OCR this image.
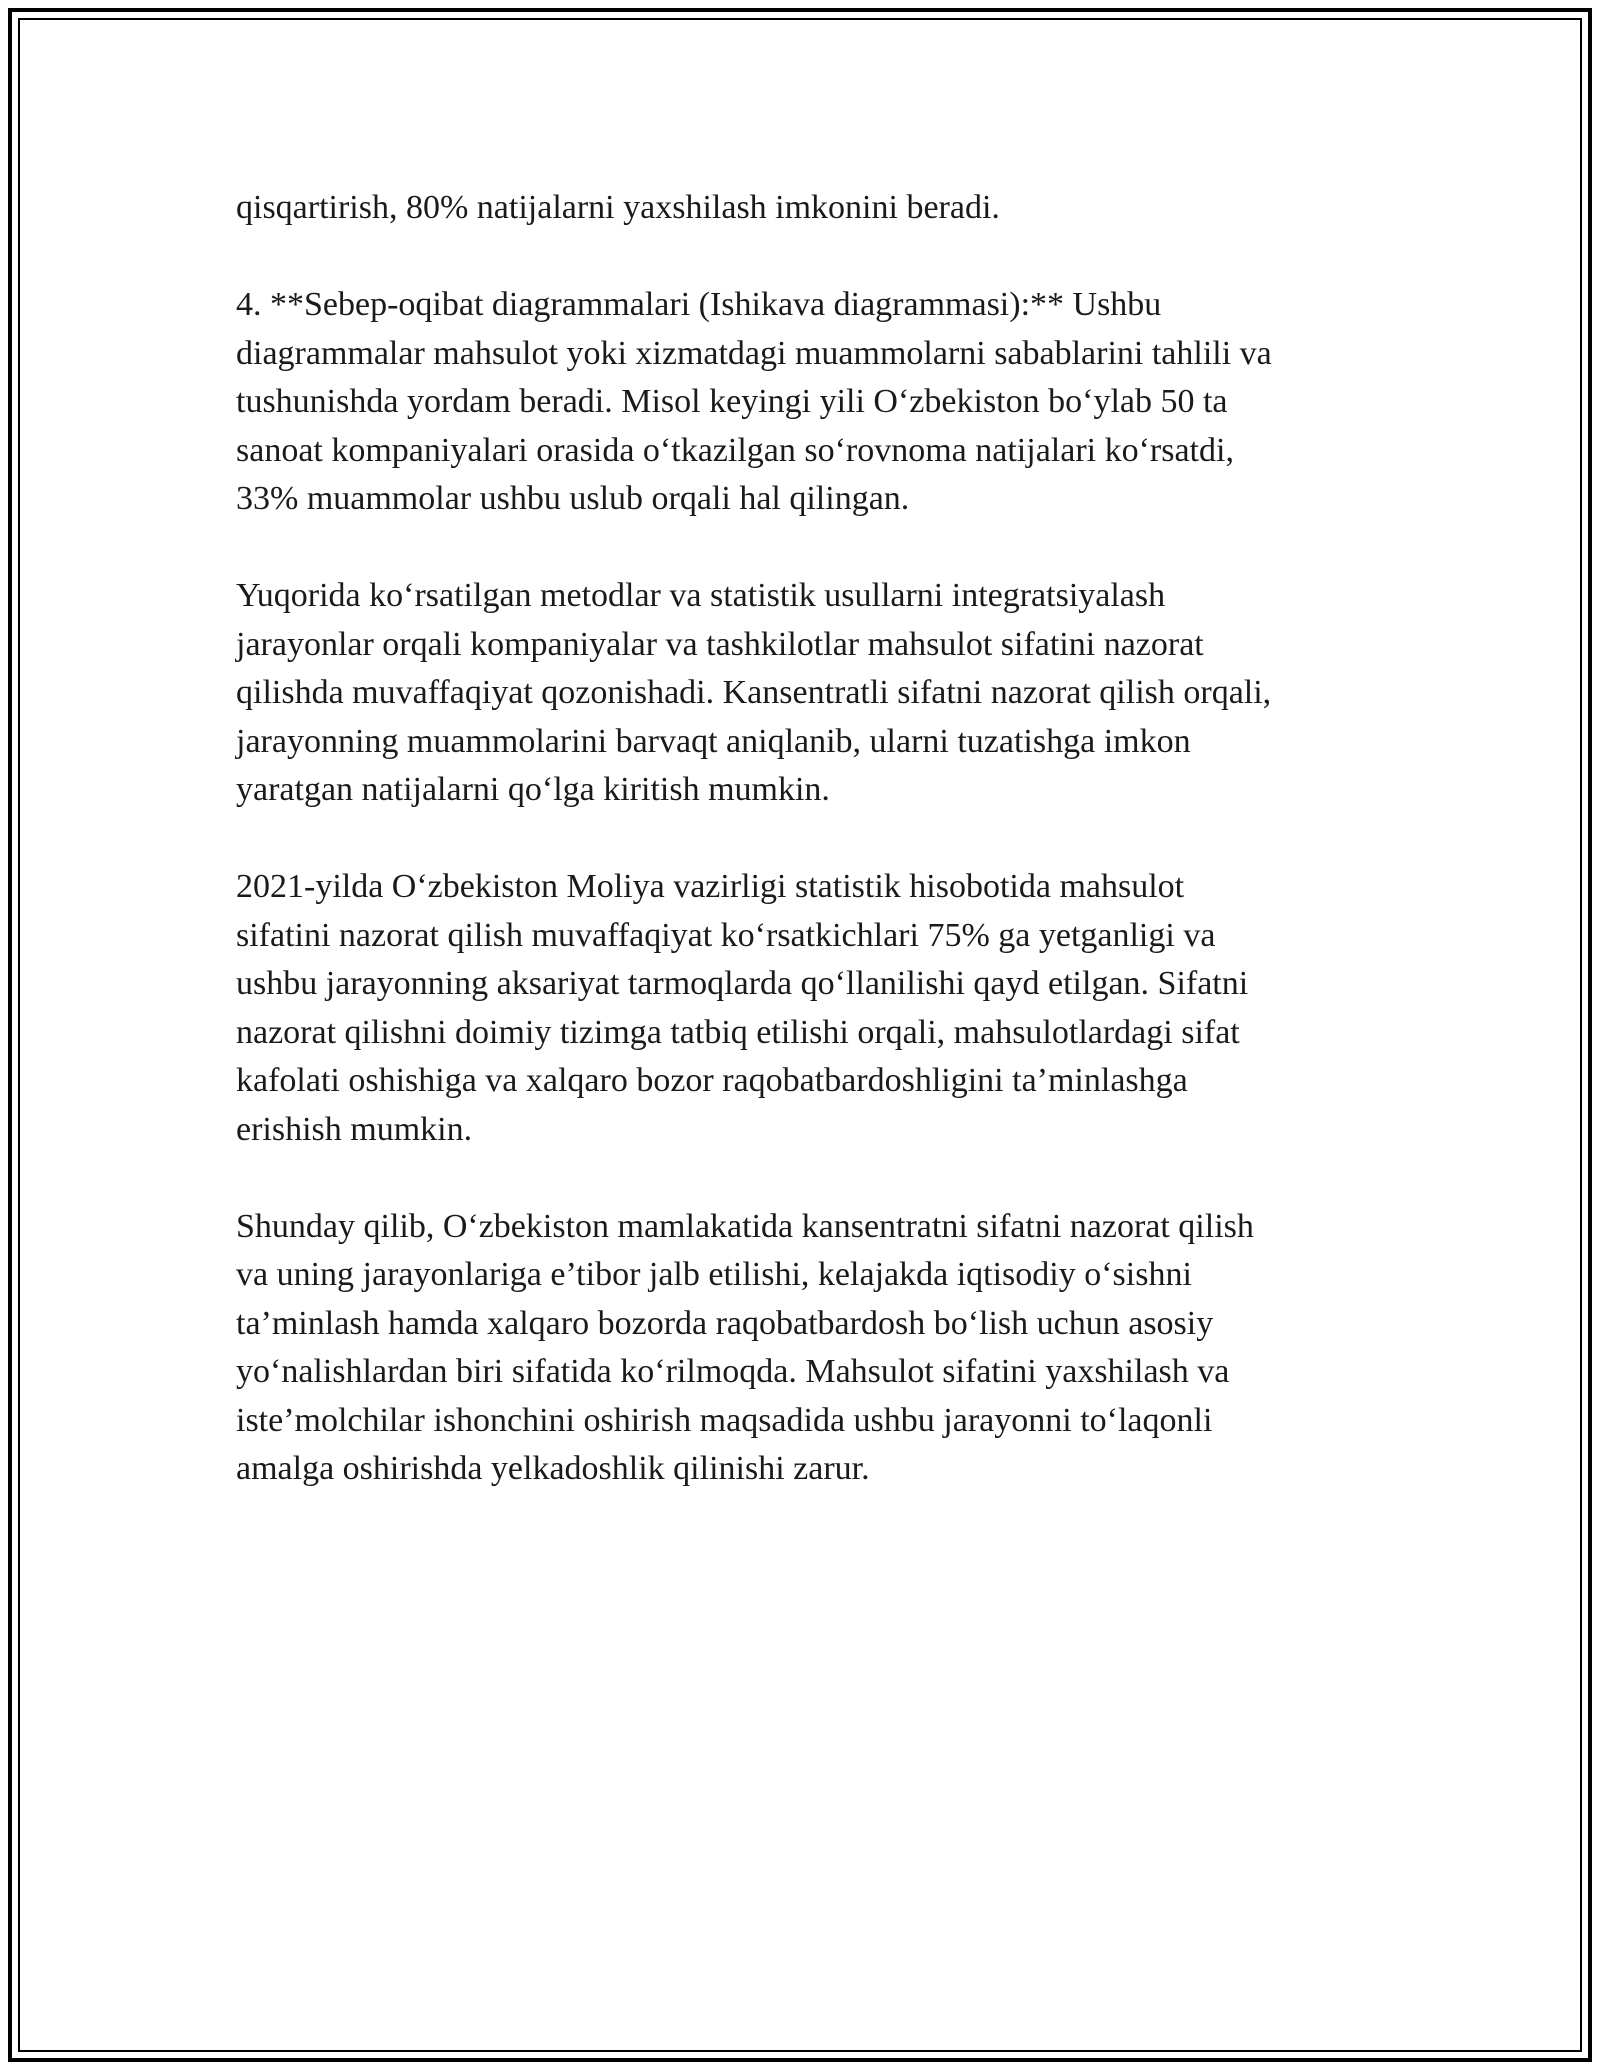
qisqartirish, 80% natijalarni yaxshilash imkonini beradi.

4. **Sebep-oqibat diagrammalari (Ishikava diagrammasi):** Ushbu
diagrammalar mahsulot yoki xizmatdagi muammolarni sabablarini tahlili va
tushunishda yordam beradi. Misol keyingi yili O‘zbekiston bo‘ylab 50 ta
sanoat kompaniyalari orasida o‘tkazilgan so‘rovnoma natijalari ko‘rsatdi,
33% muammolar ushbu uslub orqali hal qilingan.

Yuqorida ko‘rsatilgan metodlar va statistik usullarni integratsiyalash
jarayonlar orqali kompaniyalar va tashkilotlar mahsulot sifatini nazorat
qilishda muvaffaqiyat qozonishadi. Kansentratli sifatni nazorat qilish orqali,
jarayonning muammolarini barvaqt aniqlanib, ularni tuzatishga imkon
yaratgan natijalarni qo‘lga kiritish mumkin.

2021-yilda O‘zbekiston Moliya vazirligi statistik hisobotida mahsulot
sifatini nazorat qilish muvaffaqiyat ko‘rsatkichlari 75% ga yetganligi va
ushbu jarayonning aksariyat tarmoqlarda qo‘llanilishi qayd etilgan. Sifatni
nazorat qilishni doimiy tizimga tatbiq etilishi orqali, mahsulotlardagi sifat
kafolati oshishiga va xalqaro bozor raqobatbardoshligini ta’minlashga
erishish mumkin.

Shunday qilib, O‘zbekiston mamlakatida kansentratni sifatni nazorat qilish
va uning jarayonlariga e’tibor jalb etilishi, kelajakda iqtisodiy o‘sishni
ta’minlash hamda xalqaro bozorda raqobatbardosh bo‘lish uchun asosiy
yo‘nalishlardan biri sifatida ko‘rilmoqda. Mahsulot sifatini yaxshilash va
iste’molchilar ishonchini oshirish maqsadida ushbu jarayonni to‘laqonli
amalga oshirishda yelkadoshlik qilinishi zarur.
